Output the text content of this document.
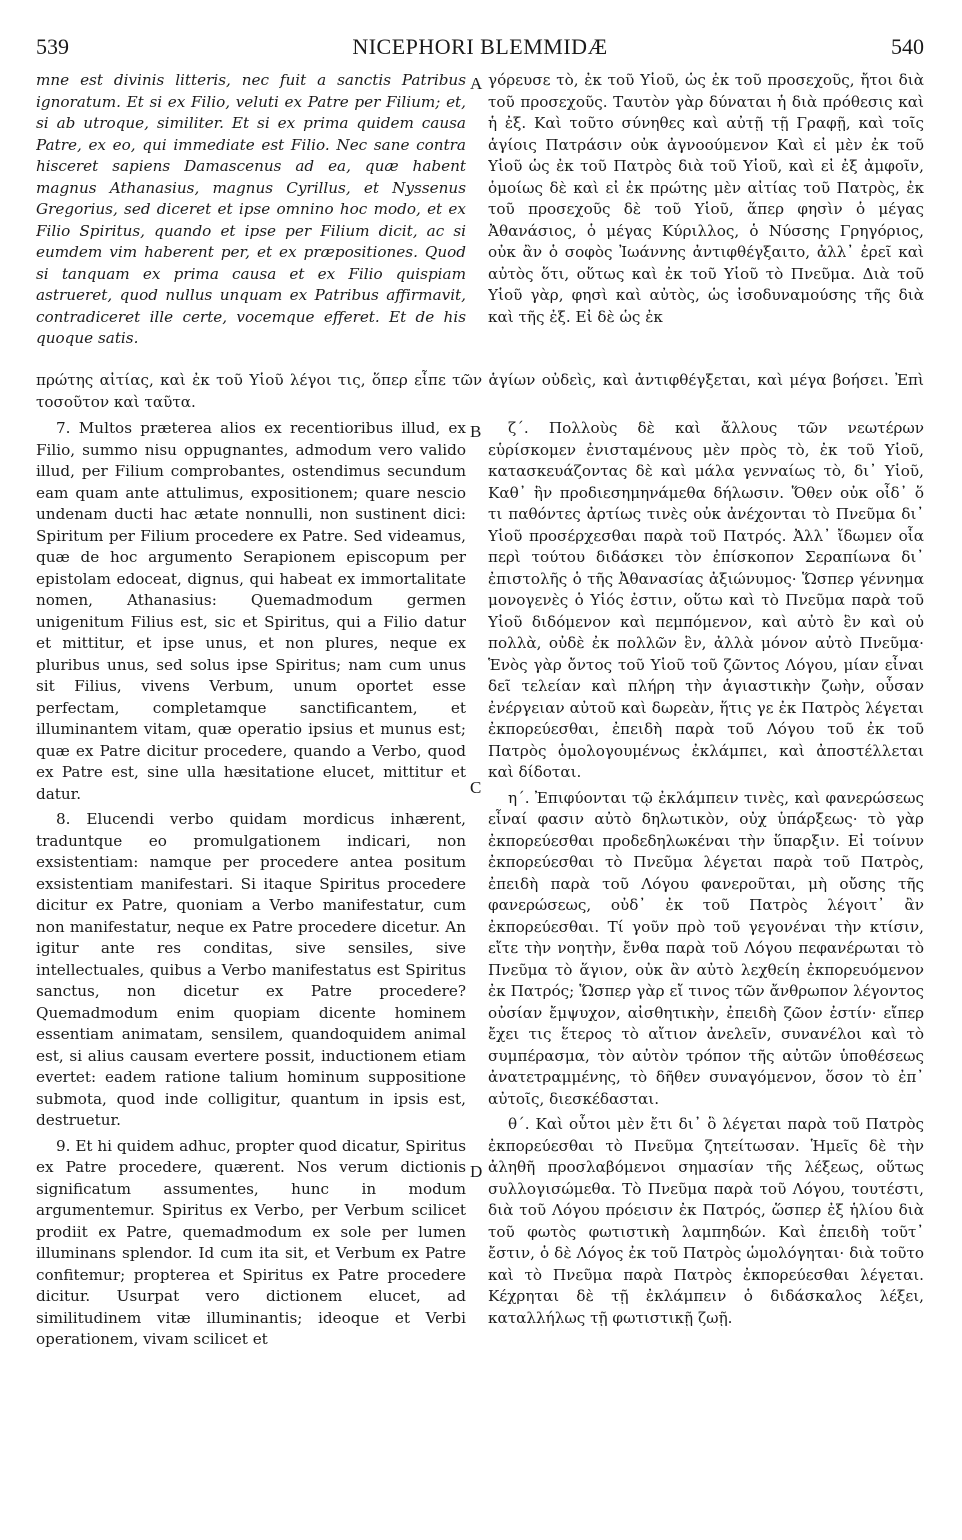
539	NICEPHORI BLEMMIDÆ	540

mne est divinis litteris, nec fuit a sanctis Patribus ignoratum. Et si ex Filio, veluti ex Patre per Filium; et, si ab utroque, similiter. Et si ex prima quidem causa Patre, ex eo, qui immediate est Filio. Nec sane contra hisceret sapiens Damascenus ad ea, quæ habent magnus Athanasius, magnus Cyrillus, et Nyssenus Gregorius, sed diceret et ipse omnino hoc modo, et ex Filio Spiritus, quando et ipse per Filium dicit, ac si eumdem vim haberent per, et ex præpositiones. Quod si tanquam ex prima causa et ex Filio quispiam astrueret, quod nullus unquam ex Patribus affirmavit, contradiceret ille certe, vocemque efferet. Et de his quoque satis.

γόρευσε τὸ, ἐκ τοῦ Υἱοῦ, ὡς ἐκ τοῦ προσεχοῦς, ἤτοι διὰ τοῦ προσεχοῦς. Ταυτὸν γὰρ δύναται ἡ διὰ πρόθεσις καὶ ἡ ἐξ. Καὶ τοῦτο σύνηθες καὶ αὐτῇ τῇ Γραφῇ, καὶ τοῖς ἁγίοις Πατράσιν οὐκ ἀγνοούμενον Καὶ εἰ μὲν ἐκ τοῦ Υἱοῦ ὡς ἐκ τοῦ Πατρὸς διὰ τοῦ Υἱοῦ, καὶ εἰ ἐξ ἀμφοῖν, ὁμοίως δὲ καὶ εἰ ἐκ πρώτης μὲν αἰτίας τοῦ Πατρὸς, ἐκ τοῦ προσεχοῦς δὲ τοῦ Υἱοῦ, ἅπερ φησὶν ὁ μέγας Ἀθανάσιος, ὁ μέγας Κύριλλος, ὁ Νύσσης Γρηγόριος, οὐκ ἂν ὁ σοφὸς Ἰωάννης ἀντιφθέγξαιτο, ἀλλ᾽ ἐρεῖ καὶ αὐτὸς ὅτι, οὕτως καὶ ἐκ τοῦ Υἱοῦ τὸ Πνεῦμα. Διὰ τοῦ Υἱοῦ γὰρ, φησὶ καὶ αὐτὸς, ὡς ἰσοδυναμούσης τῆς διὰ καὶ τῆς ἐξ. Εἰ δὲ ὡς ἐκ

πρώτης αἰτίας, καὶ ἐκ τοῦ Υἱοῦ λέγοι τις, ὅπερ εἶπε τῶν ἁγίων οὐδεὶς, καὶ ἀντιφθέγξεται, καὶ μέγα βοήσει. Ἐπὶ τοσοῦτον καὶ ταῦτα.

7. Multos præterea alios ex recentioribus illud, ex Filio, summo nisu oppugnantes, admodum vero valido illud, per Filium comprobantes, ostendimus secundum eam quam ante attulimus, expositionem; quare nescio undenam ducti hac ætate nonnulli, non sustinent dici: Spiritum per Filium procedere ex Patre. Sed videamus, quæ de hoc argumento Serapionem episcopum per epistolam edoceat, dignus, qui habeat ex immortalitate nomen, Athanasius: Quemadmodum germen unigenitum Filius est, sic et Spiritus, qui a Filio datur et mittitur, et ipse unus, et non plures, neque ex pluribus unus, sed solus ipse Spiritus; nam cum unus sit Filius, vivens Verbum, unum oportet esse perfectam, completamque sanctificantem, et illuminantem vitam, quæ operatio ipsius et munus est; quæ ex Patre dicitur procedere, quando a Verbo, quod ex Patre est, sine ulla hæsitatione elucet, mittitur et datur.

8. Elucendi verbo quidam mordicus inhærent, traduntque eo promulgationem indicari, non exsistentiam: namque per procedere antea positum exsistentiam manifestari. Si itaque Spiritus procedere dicitur ex Patre, quoniam a Verbo manifestatur, cum non manifestatur, neque ex Patre procedere dicetur. An igitur ante res conditas, sive sensiles, sive intellectuales, quibus a Verbo manifestatus est Spiritus sanctus, non dicetur ex Patre procedere? Quemadmodum enim quopiam dicente hominem essentiam animatam, sensilem, quandoquidem animal est, si alius causam evertere possit, inductionem etiam evertet: eadem ratione talium hominum suppositione submota, quod inde colligitur, quantum in ipsis est, destruetur.

9. Et hi quidem adhuc, propter quod dicatur, Spiritus ex Patre procedere, quærent. Nos verum dictionis significatum assumentes, hunc in modum argumentemur. Spiritus ex Verbo, per Verbum scilicet prodiit ex Patre, quemadmodum ex sole per lumen illuminans splendor. Id cum ita sit, et Verbum ex Patre confitemur; propterea et Spiritus ex Patre procedere dicitur. Usurpat vero dictionem elucet, ad similitudinem vitæ illuminantis; ideoque et Verbi operationem, vivam scilicet et

ζ΄. Πολλοὺς δὲ καὶ ἄλλους τῶν νεωτέρων εὑρίσκομεν ἐνισταμένους μὲν πρὸς τὸ, ἐκ τοῦ Υἱοῦ, κατασκευάζοντας δὲ καὶ μάλα γενναίως τὸ, δι᾽ Υἱοῦ, Καθ᾽ ἣν προδιεσημηνάμεθα δήλωσιν. Ὅθεν οὐκ οἶδ᾽ ὅ τι παθόντες ἀρτίως τινὲς οὐκ ἀνέχονται τὸ Πνεῦμα δι᾽ Υἱοῦ προσέρχεσθαι παρὰ τοῦ Πατρός. Ἀλλ᾽ ἴδωμεν οἷα περὶ τούτου διδάσκει τὸν ἐπίσκοπον Σεραπίωνα δι᾽ ἐπιστολῆς ὁ τῆς Ἀθανασίας ἀξιώνυμος· Ὥσπερ γέννημα μονογενὲς ὁ Υἱός ἐστιν, οὕτω καὶ τὸ Πνεῦμα παρὰ τοῦ Υἱοῦ διδόμενον καὶ πεμπόμενον, καὶ αὐτὸ ἓν καὶ οὐ πολλὰ, οὐδὲ ἐκ πολλῶν ἓν, ἀλλὰ μόνον αὐτὸ Πνεῦμα· Ἑνὸς γὰρ ὄντος τοῦ Υἱοῦ τοῦ ζῶντος Λόγου, μίαν εἶναι δεῖ τελείαν καὶ πλήρη τὴν ἁγιαστικὴν ζωὴν, οὖσαν ἐνέργειαν αὐτοῦ καὶ δωρεὰν, ἥτις γε ἐκ Πατρὸς λέγεται ἐκπορεύεσθαι, ἐπειδὴ παρὰ τοῦ Λόγου τοῦ ἐκ τοῦ Πατρὸς ὁμολογουμένως ἐκλάμπει, καὶ ἀποστέλλεται καὶ δίδοται.

η΄. Ἐπιφύονται τῷ ἐκλάμπειν τινὲς, καὶ φανερώσεως εἶναί φασιν αὐτὸ δηλωτικὸν, οὐχ ὑπάρξεως· τὸ γὰρ ἐκπορεύεσθαι προδεδηλωκέναι τὴν ὕπαρξιν. Εἰ τοίνυν ἐκπορεύεσθαι τὸ Πνεῦμα λέγεται παρὰ τοῦ Πατρὸς, ἐπειδὴ παρὰ τοῦ Λόγου φανεροῦται, μὴ οὔσης τῆς φανερώσεως, οὐδ᾽ ἐκ τοῦ Πατρὸς λέγοιτ᾽ ἂν ἐκπορεύεσθαι. Τί γοῦν πρὸ τοῦ γεγονέναι τὴν κτίσιν, εἴτε τὴν νοητὴν, ἔνθα παρὰ τοῦ Λόγου πεφανέρωται τὸ Πνεῦμα τὸ ἅγιον, οὐκ ἂν αὐτὸ λεχθείη ἐκπορευόμενον ἐκ Πατρός; Ὥσπερ γὰρ εἴ τινος τῶν ἄνθρωπον λέγοντος οὐσίαν ἔμψυχον, αἰσθητικὴν, ἐπειδὴ ζῶον ἐστίν· εἴπερ ἔχει τις ἕτερος τὸ αἴτιον ἀνελεῖν, συνανέλοι καὶ τὸ συμπέρασμα, τὸν αὐτὸν τρόπον τῆς αὐτῶν ὑποθέσεως ἀνατετραμμένης, τὸ δῆθεν συναγόμενον, ὅσον τὸ ἐπ᾽ αὐτοῖς, διεσκέδασται.

θ΄. Καὶ οὗτοι μὲν ἔτι δι᾽ ὃ λέγεται παρὰ τοῦ Πατρὸς ἐκπορεύεσθαι τὸ Πνεῦμα ζητείτωσαν. Ἡμεῖς δὲ τὴν ἀληθῆ προσλαβόμενοι σημασίαν τῆς λέξεως, οὕτως συλλογισώμεθα. Τὸ Πνεῦμα παρὰ τοῦ Λόγου, τουτέστι, διὰ τοῦ Λόγου πρόεισιν ἐκ Πατρός, ὥσπερ ἐξ ἡλίου διὰ τοῦ φωτὸς φωτιστικὴ λαμπηδών. Καὶ ἐπειδὴ τοῦτ᾽ ἔστιν, ὁ δὲ Λόγος ἐκ τοῦ Πατρὸς ὡμολόγηται· διὰ τοῦτο καὶ τὸ Πνεῦμα παρὰ Πατρὸς ἐκπορεύεσθαι λέγεται. Κέχρηται δὲ τῇ ἐκλάμπειν ὁ διδάσκαλος λέξει, καταλλήλως τῇ φωτιστικῇ ζωῇ.

A
B
C
D
